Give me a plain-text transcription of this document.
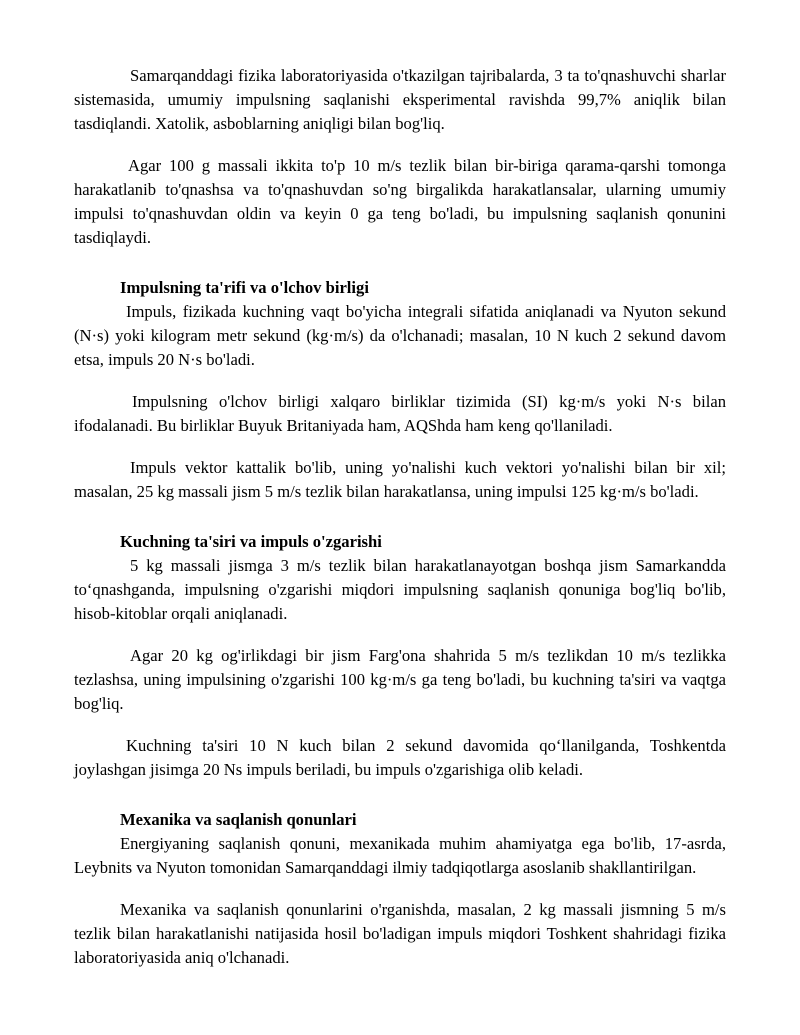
Samarqanddagi fizika laboratoriyasida o'tkazilgan tajribalarda, 3 ta to'qnashuvchi sharlar sistemasida, umumiy impulsning saqlanishi eksperimental ravishda 99,7% aniqlik bilan tasdiqlandi. Xatolik, asboblarning aniqligi bilan bog'liq.

Agar 100 g massali ikkita to'p 10 m/s tezlik bilan bir-biriga qarama-qarshi tomonga harakatlanib to'qnashsa va to'qnashuvdan so'ng birgalikda harakatlansalar, ularning umumiy impulsi to'qnashuvdan oldin va keyin 0 ga teng bo'ladi, bu impulsning saqlanish qonunini tasdiqlaydi.

Impulsning ta'rifi va o'lchov birligi

Impuls, fizikada kuchning vaqt bo'yicha integrali sifatida aniqlanadi va Nyuton sekund (N·s) yoki kilogram metr sekund (kg·m/s) da o'lchanadi; masalan, 10 N kuch 2 sekund davom etsa, impuls 20 N·s bo'ladi.

Impulsning o'lchov birligi xalqaro birliklar tizimida (SI) kg·m/s yoki N·s bilan ifodalanadi. Bu birliklar Buyuk Britaniyada ham, AQShda ham keng qo'llaniladi.

Impuls vektor kattalik bo'lib, uning yo'nalishi kuch vektori yo'nalishi bilan bir xil; masalan, 25 kg massali jism 5 m/s tezlik bilan harakatlansa, uning impulsi 125 kg·m/s bo'ladi.

Kuchning ta'siri va impuls o'zgarishi

5 kg massali jismga 3 m/s tezlik bilan harakatlanayotgan boshqa jism Samarkandda to‘qnashganda, impulsning o'zgarishi miqdori impulsning saqlanish qonuniga bog'liq bo'lib, hisob-kitoblar orqali aniqlanadi.

Agar 20 kg og'irlikdagi bir jism Farg'ona shahrida 5 m/s tezlikdan 10 m/s tezlikka tezlashsa, uning impulsining o'zgarishi 100 kg·m/s ga teng bo'ladi, bu kuchning ta'siri va vaqtga bog'liq.

Kuchning ta'siri 10 N kuch bilan 2 sekund davomida qo‘llanilganda, Toshkentda joylashgan jisimga 20 Ns impuls beriladi, bu impuls o'zgarishiga olib keladi.

Mexanika va saqlanish qonunlari

Energiyaning saqlanish qonuni, mexanikada muhim ahamiyatga ega bo'lib, 17-asrda, Leybnits va Nyuton tomonidan Samarqanddagi ilmiy tadqiqotlarga asoslanib shakllantirilgan.

Mexanika va saqlanish qonunlarini o'rganishda, masalan, 2 kg massali jismning 5 m/s tezlik bilan harakatlanishi natijasida hosil bo'ladigan impuls miqdori Toshkent shahridagi fizika laboratoriyasida aniq o'lchanadi.
